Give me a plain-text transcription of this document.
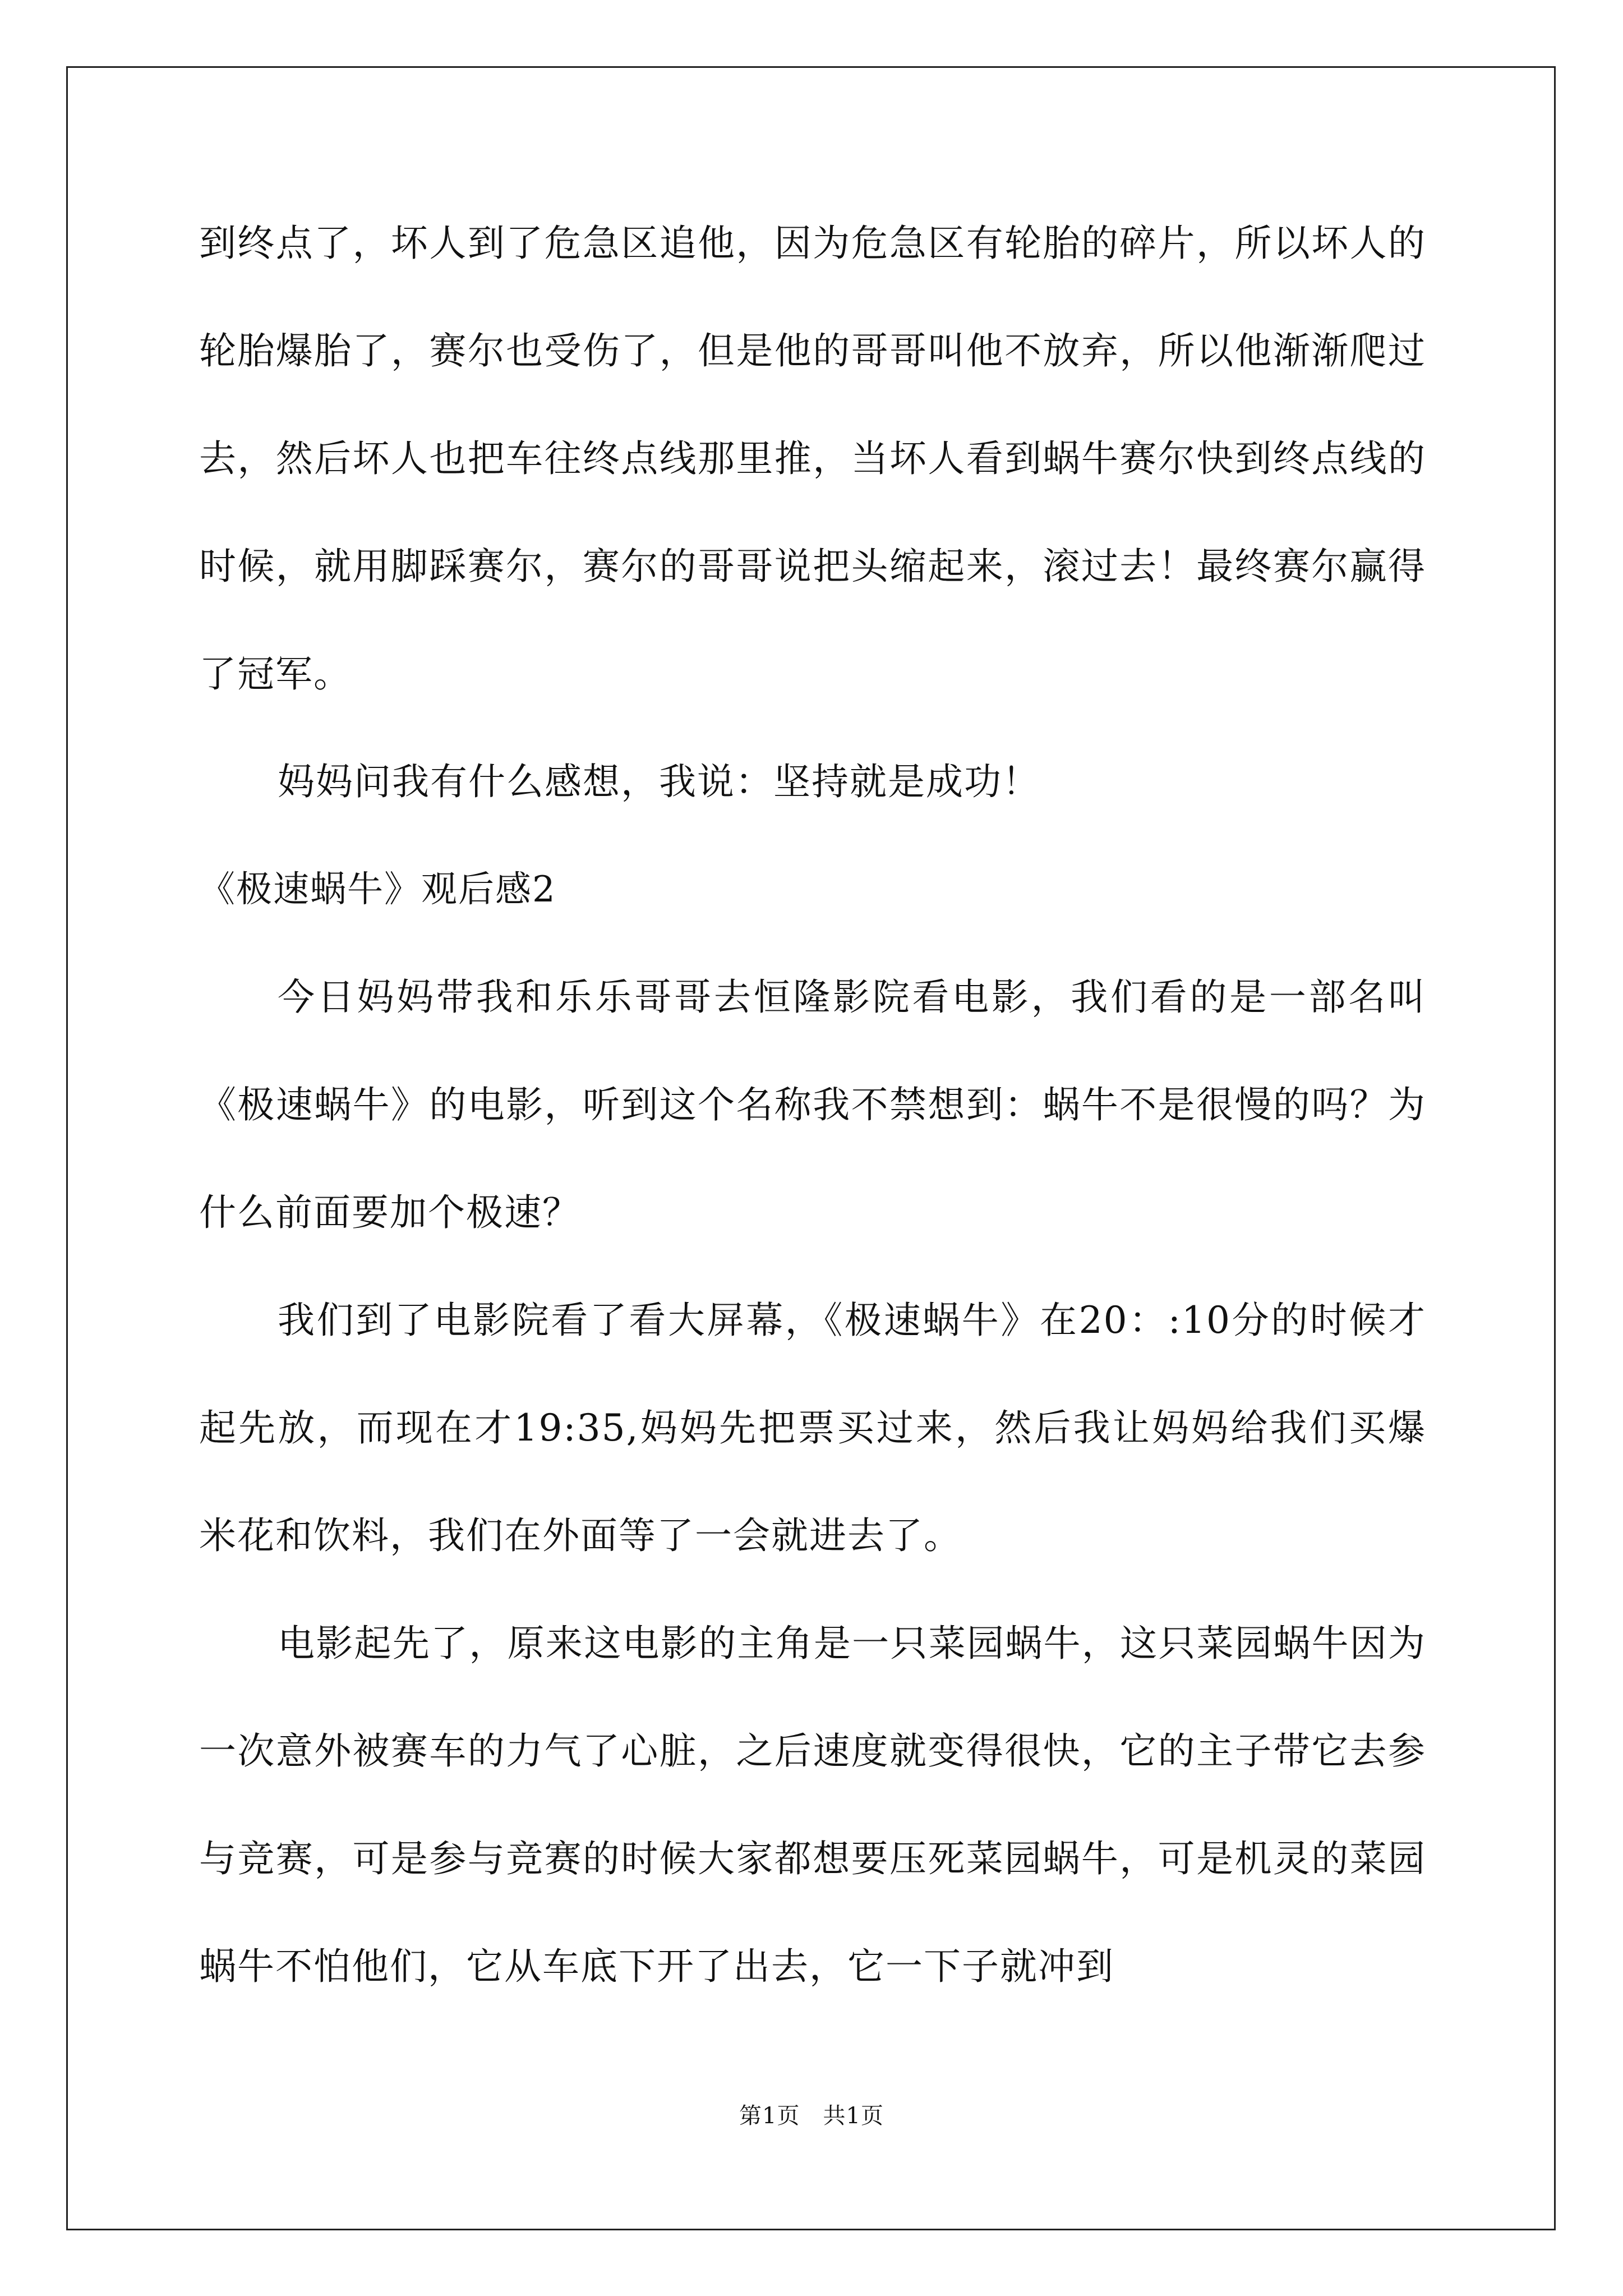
到终点了，坏人到了危急区追他，因为危急区有轮胎的碎片，所以坏人的轮胎爆胎了，赛尔也受伤了，但是他的哥哥叫他不放弃，所以他渐渐爬过去，然后坏人也把车往终点线那里推，当坏人看到蜗牛赛尔快到终点线的时候，就用脚踩赛尔，赛尔的哥哥说把头缩起来，滚过去！最终赛尔赢得了冠军。

妈妈问我有什么感想，我说：坚持就是成功！

《极速蜗牛》观后感2

今日妈妈带我和乐乐哥哥去恒隆影院看电影，我们看的是一部名叫《极速蜗牛》的电影，听到这个名称我不禁想到：蜗牛不是很慢的吗？为什么前面要加个极速？

我们到了电影院看了看大屏幕，《极速蜗牛》在20：:10分的时候才起先放，而现在才19:35,妈妈先把票买过来，然后我让妈妈给我们买爆米花和饮料，我们在外面等了一会就进去了。

电影起先了，原来这电影的主角是一只菜园蜗牛，这只菜园蜗牛因为一次意外被赛车的力气了心脏，之后速度就变得很快，它的主子带它去参与竞赛，可是参与竞赛的时候大家都想要压死菜园蜗牛，可是机灵的菜园蜗牛不怕他们，它从车底下开了出去，它一下子就冲到

第1页　共1页
